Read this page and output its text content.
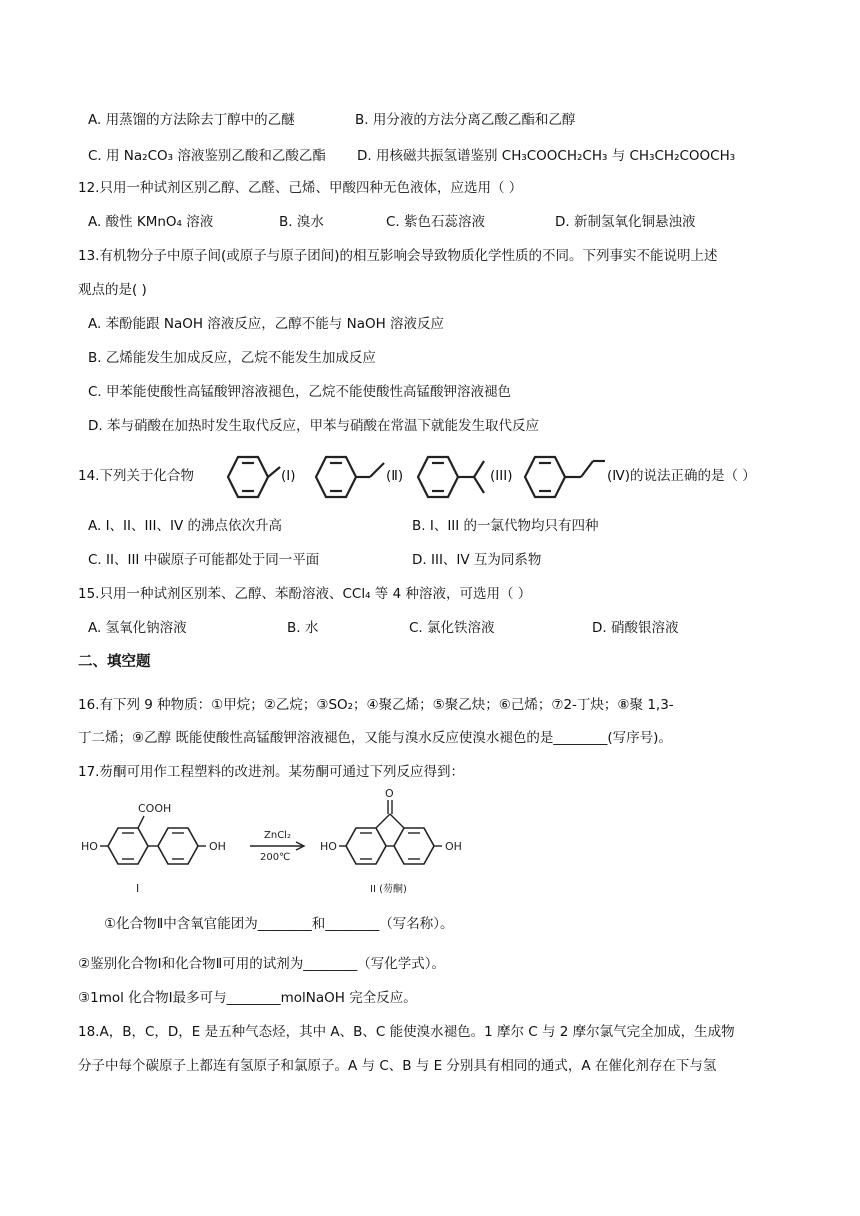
A. 用蒸馏的方法除去丁醇中的乙醚	B. 用分液的方法分离乙酸乙酯和乙醇
C. 用 Na₂CO₃ 溶液鉴别乙酸和乙酸乙酯 D. 用核磁共振氢谱鉴别 CH₃COOCH₂CH₃ 与 CH₃CH₂COOCH₃
12.只用一种试剂区别乙醇、乙醛、己烯、甲酸四种无色液体，应选用（ ）
A. 酸性 KMnO₄ 溶液	B. 溴水	C. 紫色石蕊溶液	D. 新制氢氧化铜悬浊液
13.有机物分子中原子间(或原子与原子团间)的相互影响会导致物质化学性质的不同。下列事实不能说明上述
观点的是( )
A. 苯酚能跟 NaOH 溶液反应，乙醇不能与 NaOH 溶液反应
B. 乙烯能发生加成反应，乙烷不能发生加成反应
C. 甲苯能使酸性高锰酸钾溶液褪色，乙烷不能使酸性高锰酸钾溶液褪色
D. 苯与硝酸在加热时发生取代反应，甲苯与硝酸在常温下就能发生取代反应
14.下列关于化合物	(Ⅰ)	(Ⅱ)	(III)	(Ⅳ)的说法正确的是（ ）
A. I、II、III、IV 的沸点依次升高	B. I、III 的一氯代物均只有四种
C. II、III 中碳原子可能都处于同一平面	D. III、IV 互为同系物
15.只用一种试剂区别苯、乙醇、苯酚溶液、CCl₄ 等 4 种溶液，可选用（ ）
A. 氢氧化钠溶液	B. 水	C. 氯化铁溶液	D. 硝酸银溶液
二、填空题
16.有下列 9 种物质：①甲烷；②乙烷；③SO₂；④聚乙烯；⑤聚乙炔；⑥己烯；⑦2-丁炔；⑧聚 1,3-
丁二烯；⑨乙醇 既能使酸性高锰酸钾溶液褪色，又能与溴水反应使溴水褪色的是________(写序号)。
17.芴酮可用作工程塑料的改进剂。某芴酮可通过下列反应得到：
HO
COOH
OH
I
ZnCl₂
200℃
HO
O
OH
II (芴酮)
①化合物Ⅱ中含氧官能团为________和________（写名称）。
②鉴别化合物Ⅰ和化合物Ⅱ可用的试剂为________（写化学式）。
③1mol 化合物Ⅰ最多可与________molNaOH 完全反应。
18.A，B，C，D，E 是五种气态烃，其中 A、B、C 能使溴水褪色。1 摩尔 C 与 2 摩尔氯气完全加成，生成物
分子中每个碳原子上都连有氢原子和氯原子。A 与 C、B 与 E 分别具有相同的通式，A 在催化剂存在下与氢
